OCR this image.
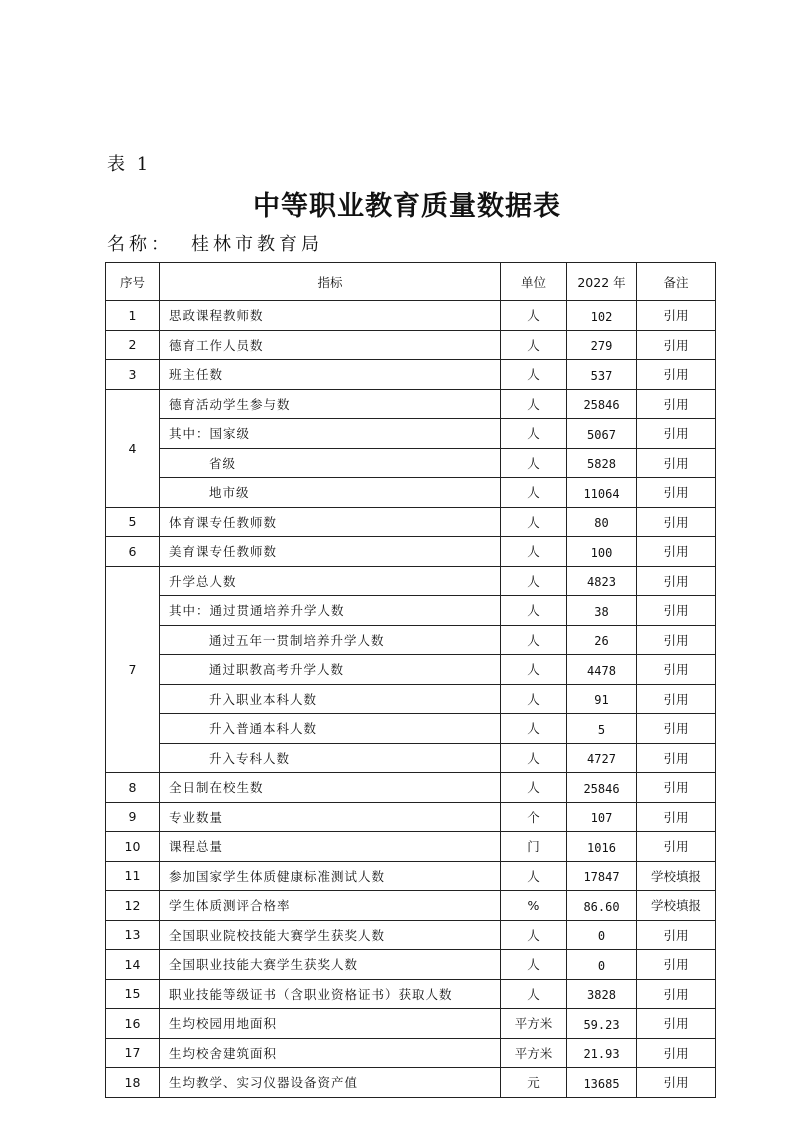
表 1
中等职业教育质量数据表
名称： 桂林市教育局
序号	指标	单位	2022 年	备注
1	思政课程教师数	人	102	引用
2	德育工作人员数	人	279	引用
3	班主任数	人	537	引用
4	德育活动学生参与数	人	25846	引用
	其中：国家级	人	5067	引用
	省级	人	5828	引用
	地市级	人	11064	引用
5	体育课专任教师数	人	80	引用
6	美育课专任教师数	人	100	引用
7	升学总人数	人	4823	引用
	其中：通过贯通培养升学人数	人	38	引用
	通过五年一贯制培养升学人数	人	26	引用
	通过职教高考升学人数	人	4478	引用
	升入职业本科人数	人	91	引用
	升入普通本科人数	人	5	引用
	升入专科人数	人	4727	引用
8	全日制在校生数	人	25846	引用
9	专业数量	个	107	引用
10	课程总量	门	1016	引用
11	参加国家学生体质健康标准测试人数	人	17847	学校填报
12	学生体质测评合格率	%	86.60	学校填报
13	全国职业院校技能大赛学生获奖人数	人	0	引用
14	全国职业技能大赛学生获奖人数	人	0	引用
15	职业技能等级证书（含职业资格证书）获取人数	人	3828	引用
16	生均校园用地面积	平方米	59.23	引用
17	生均校舍建筑面积	平方米	21.93	引用
18	生均教学、实习仪器设备资产值	元	13685	引用
